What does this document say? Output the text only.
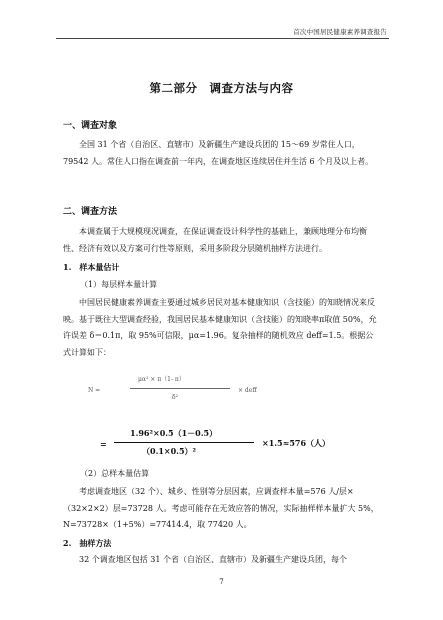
首次中国居民健康素养调查报告
第二部分　调查方法与内容
一、调查对象
全国 31 个省（自治区、直辖市）及新疆生产建设兵团的 15～69 岁常住人口，79542 人。常住人口指在调查前一年内，在调查地区连续居住并生活 6 个月及以上者。
二、调查方法
本调查属于大规模现况调查，在保证调查设计科学性的基础上，兼顾地理分布均衡性、经济有效以及方案可行性等原则，采用多阶段分层随机抽样方法进行。
1.　样本量估计
（1）每层样本量计算
中国居民健康素养调查主要通过城乡居民对基本健康知识（含技能）的知晓情况来反映。基于既往大型调查经验，我国居民基本健康知识（含技能）的知晓率π取值 50%，允许误差 δ＝0.1π，取 95%可信限，μα=1.96。复杂抽样的随机效应 deff=1.5。根据公式计算如下：
N =
μα² × π（1- π）
δ²
× deff
=
1.96²×0.5（1－0.5）
（0.1×0.5）²
×1.5≈576（人）
（2）总样本量估算
考虑调查地区（32 个）、城乡、性别等分层因素，应调查样本量=576 人/层×（32×2×2）层=73728 人。考虑可能存在无效应答的情况，实际抽样样本量扩大 5%，N=73728×（1+5%）=77414.4，取 77420 人。
2.　抽样方法
32 个调查地区包括 31 个省（自治区、直辖市）及新疆生产建设兵团，每个
7
